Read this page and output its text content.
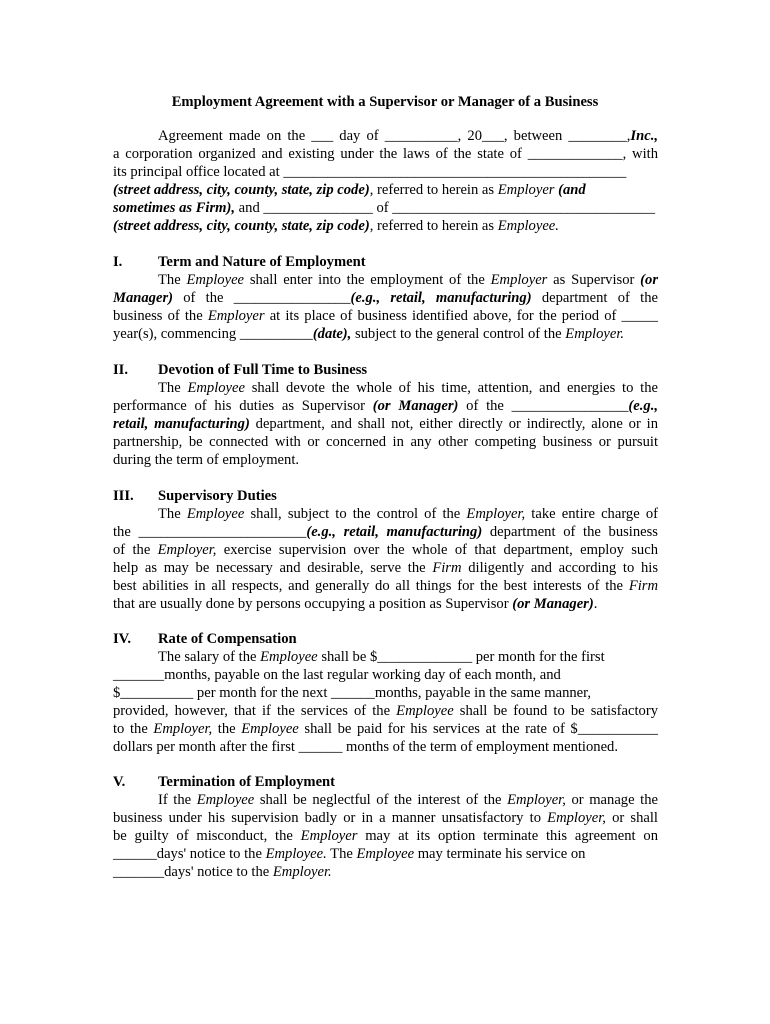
Employment Agreement with a Supervisor or Manager of a Business
Agreement made on the ___ day of __________, 20___, between ________,Inc.,
a corporation organized and existing under the laws of the state of _____________, with
its principal office located at _______________________________________________
(street address, city, county, state, zip code), referred to herein as Employer (and
sometimes as Firm), and _______________ of ____________________________________
(street address, city, county, state, zip code), referred to herein as Employee.
I. Term and Nature of Employment
The Employee shall enter into the employment of the Employer as Supervisor (or
Manager) of the ________________(e.g., retail, manufacturing) department of the
business of the Employer at its place of business identified above, for the period of _____
year(s), commencing __________(date), subject to the general control of the Employer.
II. Devotion of Full Time to Business
The Employee shall devote the whole of his time, attention, and energies to the
performance of his duties as Supervisor (or Manager) of the ________________(e.g.,
retail, manufacturing) department, and shall not, either directly or indirectly, alone or in
partnership, be connected with or concerned in any other competing business or pursuit
during the term of employment.
III. Supervisory Duties
The Employee shall, subject to the control of the Employer, take entire charge of
the _______________________(e.g., retail, manufacturing) department of the business
of the Employer, exercise supervision over the whole of that department, employ such
help as may be necessary and desirable, serve the Firm diligently and according to his
best abilities in all respects, and generally do all things for the best interests of the Firm
that are usually done by persons occupying a position as Supervisor (or Manager).
IV. Rate of Compensation
The salary of the Employee shall be $_____________ per month for the first
_______months, payable on the last regular working day of each month, and
$__________ per month for the next ______months, payable in the same manner,
provided, however, that if the services of the Employee shall be found to be satisfactory
to the Employer, the Employee shall be paid for his services at the rate of $___________
dollars per month after the first ______ months of the term of employment mentioned.
V. Termination of Employment
If the Employee shall be neglectful of the interest of the Employer, or manage the
business under his supervision badly or in a manner unsatisfactory to Employer, or shall
be guilty of misconduct, the Employer may at its option terminate this agreement on
______days' notice to the Employee. The Employee may terminate his service on
_______days' notice to the Employer.
